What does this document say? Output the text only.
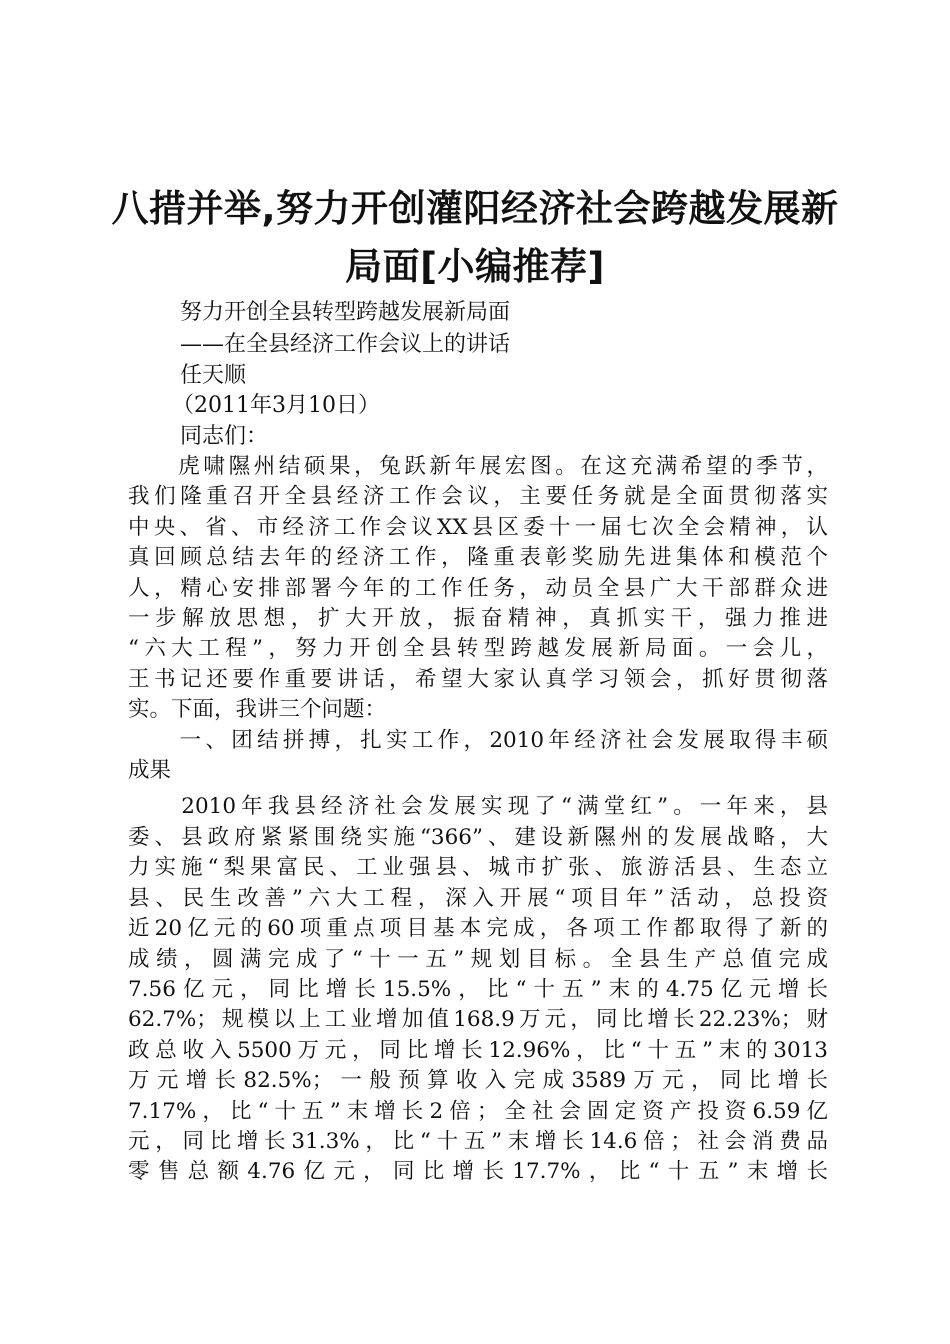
八措并举,努力开创灌阳经济社会跨越发展新
局面[小编推荐]

努力开创全县转型跨越发展新局面

——在全县经济工作会议上的讲话

任天顺

（2011年3月10日）

同志们：

　　虎啸隰州结硕果，兔跃新年展宏图。在这充满希望的季节，
我们隆重召开全县经济工作会议，主要任务就是全面贯彻落实
中央、省、市经济工作会议XX县区委十一届七次全会精神，认
真回顾总结去年的经济工作，隆重表彰奖励先进集体和模范个
人，精心安排部署今年的工作任务，动员全县广大干部群众进
一步解放思想，扩大开放，振奋精神，真抓实干，强力推进
“六大工程”，努力开创全县转型跨越发展新局面。一会儿，
王书记还要作重要讲话，希望大家认真学习领会，抓好贯彻落
实。下面，我讲三个问题：
　　一、团结拼搏，扎实工作，2010年经济社会发展取得丰硕
成果
　　2010年我县经济社会发展实现了“满堂红”。一年来，县
委、县政府紧紧围绕实施“366”、建设新隰州的发展战略，大
力实施“梨果富民、工业强县、城市扩张、旅游活县、生态立
县、民生改善”六大工程，深入开展“项目年”活动，总投资
近20亿元的60项重点项目基本完成，各项工作都取得了新的
成绩，圆满完成了“十一五”规划目标。全县生产总值完成
7.56亿元，同比增长15.5%，比“十五”末的4.75亿元增长
62.7%；规模以上工业增加值168.9万元，同比增长22.23%；财
政总收入5500万元，同比增长12.96%，比“十五”末的3013
万元增长82.5%；一般预算收入完成3589万元，同比增长
7.17%，比“十五”末增长2倍；全社会固定资产投资6.59亿
元，同比增长31.3%，比“十五”末增长14.6倍；社会消费品
零售总额4.76亿元，同比增长17.7%，比“十五”末增长
